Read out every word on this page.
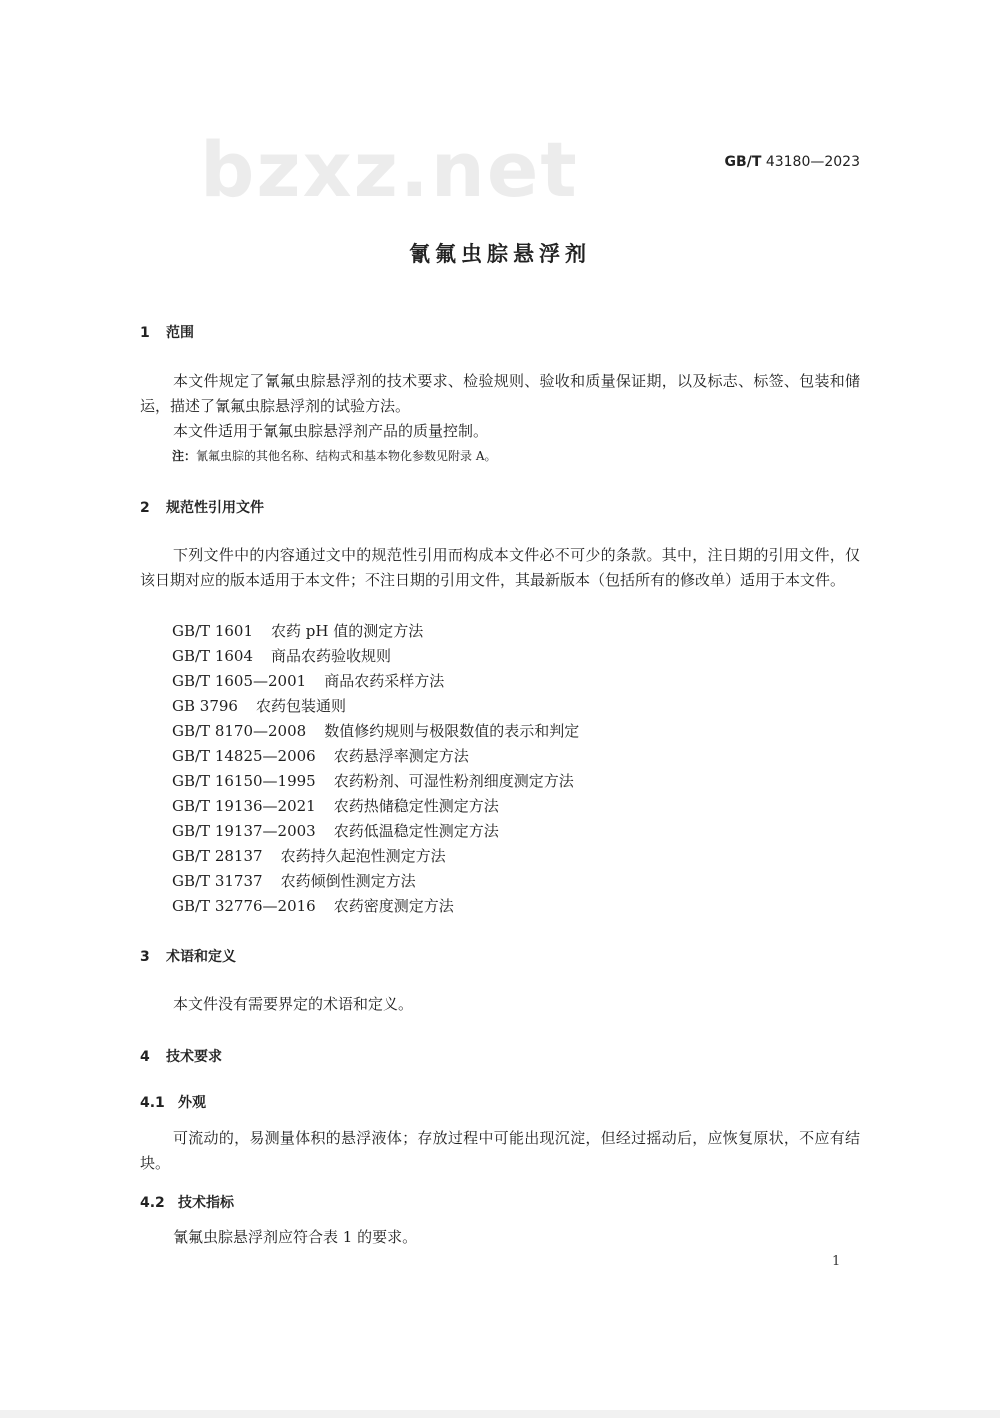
bzxz.net	GB/T 43180—2023
氰氟虫腙悬浮剂
1 范围
本文件规定了氰氟虫腙悬浮剂的技术要求、检验规则、验收和质量保证期，以及标志、标签、包装和储运，描述了氰氟虫腙悬浮剂的试验方法。
本文件适用于氰氟虫腙悬浮剂产品的质量控制。
注：氰氟虫腙的其他名称、结构式和基本物化参数见附录 A。
2 规范性引用文件
下列文件中的内容通过文中的规范性引用而构成本文件必不可少的条款。其中，注日期的引用文件，仅该日期对应的版本适用于本文件；不注日期的引用文件，其最新版本（包括所有的修改单）适用于本文件。
GB/T 1601 农药 pH 值的测定方法
GB/T 1604 商品农药验收规则
GB/T 1605—2001 商品农药采样方法
GB 3796 农药包装通则
GB/T 8170—2008 数值修约规则与极限数值的表示和判定
GB/T 14825—2006 农药悬浮率测定方法
GB/T 16150—1995 农药粉剂、可湿性粉剂细度测定方法
GB/T 19136—2021 农药热储稳定性测定方法
GB/T 19137—2003 农药低温稳定性测定方法
GB/T 28137 农药持久起泡性测定方法
GB/T 31737 农药倾倒性测定方法
GB/T 32776—2016 农药密度测定方法
3 术语和定义
本文件没有需要界定的术语和定义。
4 技术要求
4.1 外观
可流动的，易测量体积的悬浮液体；存放过程中可能出现沉淀，但经过摇动后，应恢复原状，不应有结块。
4.2 技术指标
氰氟虫腙悬浮剂应符合表 1 的要求。
1
